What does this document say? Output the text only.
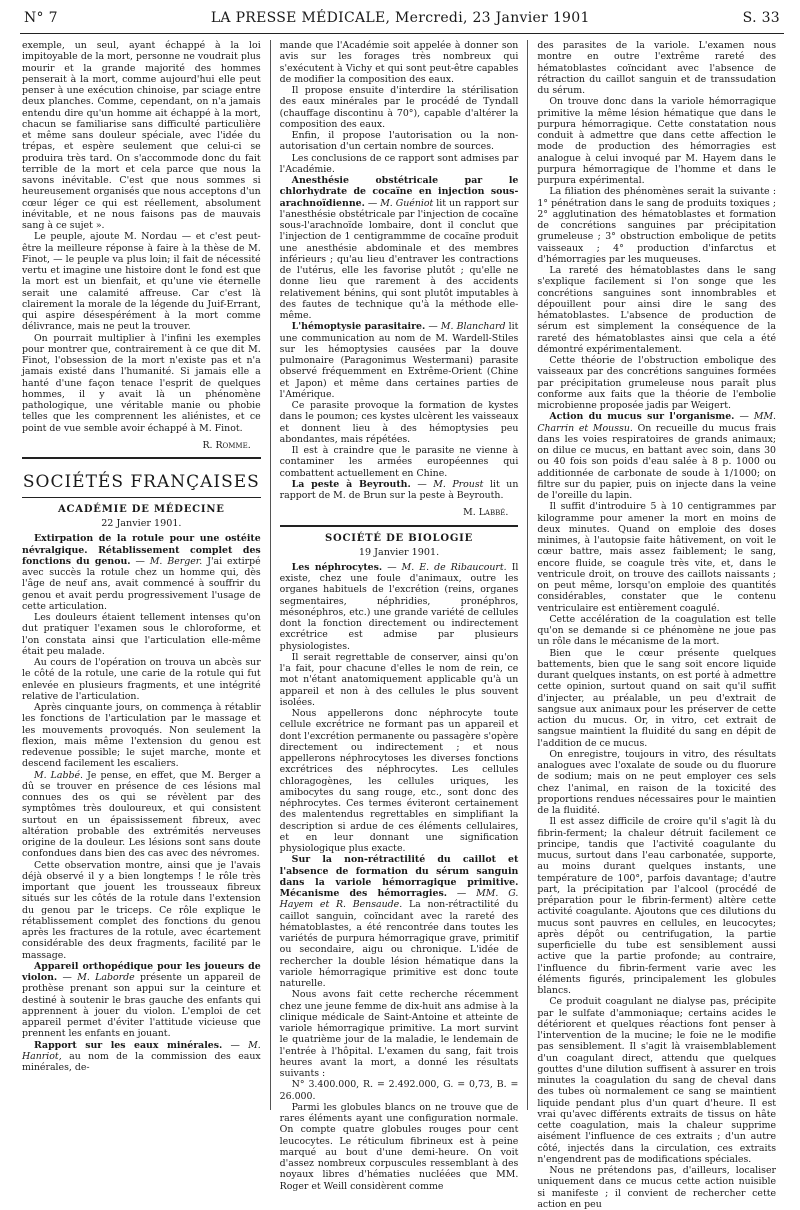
N° 7	LA PRESSE MÉDICALE, Mercredi, 23 Janvier 1901	S. 33

exemple, un seul, ayant échappé à la loi impitoyable de la mort, personne ne voudrait plus mourir et la grande majorité des hommes penserait à la mort, comme aujourd'hui elle peut penser à une exécution chinoise, par sciage entre deux planches. Comme, cependant, on n'a jamais entendu dire qu'un homme ait échappé à la mort, chacun se familiarise sans difficulté particulière et même sans douleur spéciale, avec l'idée du trépas, et espère seulement que celui-ci se produira très tard. On s'accommode donc du fait terrible de la mort et cela parce que nous la savons inévitable. C'est que nous sommes si heureusement organisés que nous acceptons d'un cœur léger ce qui est réellement, absolument inévitable, et ne nous faisons pas de mauvais sang à ce sujet ».

Le peuple, ajoute M. Nordau — et c'est peut-être la meilleure réponse à faire à la thèse de M. Finot, — le peuple va plus loin; il fait de nécessité vertu et imagine une histoire dont le fond est que la mort est un bienfait, et qu'une vie éternelle serait une calamité affreuse. Car c'est là clairement la morale de la légende du Juif-Errant, qui aspire désespérément à la mort comme délivrance, mais ne peut la trouver.

On pourrait multiplier à l'infini les exemples pour montrer que, contrairement à ce que dit M. Finot, l'obsession de la mort n'existe pas et n'a jamais existé dans l'humanité. Si jamais elle a hanté d'une façon tenace l'esprit de quelques hommes, il y avait là un phénomène pathologique, une véritable manie ou phobie telles que les comprennent les aliénistes, et ce point de vue semble avoir échappé à M. Finot.

R. Romme.

SOCIÉTÉS FRANÇAISES
ACADÉMIE DE MÉDECINE
22 Janvier 1901.

Extirpation de la rotule pour une ostéite névralgique. Rétablissement complet des fonctions du genou. — M. Berger. J'ai extirpé avec succès la rotule chez un homme qui, dès l'âge de neuf ans, avait commencé à souffrir du genou et avait perdu progressivement l'usage de cette articulation.

Les douleurs étaient tellement intenses qu'on dut pratiquer l'examen sous le chloroforme, et l'on constata ainsi que l'articulation elle-même était peu malade.

Au cours de l'opération on trouva un abcès sur le côté de la rotule, une carie de la rotule qui fut enlevée en plusieurs fragments, et une intégrité relative de l'articulation.

Après cinquante jours, on commença à rétablir les fonctions de l'articulation par le massage et les mouvements provoqués. Non seulement la flexion, mais même l'extension du genou est redevenue possible; le sujet marche, monte et descend facilement les escaliers.

M. Labbé. Je pense, en effet, que M. Berger a dû se trouver en présence de ces lésions mal connues des os qui se révèlent par des symptômes très douloureux, et qui consistent surtout en un épaississement fibreux, avec altération probable des extrémités nerveuses origine de la douleur. Les lésions sont sans doute confondues dans bien des cas avec des névromes.

Cette observation montre, ainsi que je l'avais déjà observé il y a bien longtemps ! le rôle très important que jouent les trousseaux fibreux situés sur les côtés de la rotule dans l'extension du genou par le triceps. Ce rôle explique le rétablissement complet des fonctions du genou après les fractures de la rotule, avec écartement considérable des deux fragments, facilité par le massage.

Appareil orthopédique pour les joueurs de violon. — M. Laborde présente un appareil de prothèse prenant son appui sur la ceinture et destiné à soutenir le bras gauche des enfants qui apprennent à jouer du violon. L'emploi de cet appareil permet d'éviter l'attitude vicieuse que prennent les enfants en jouant.

Rapport sur les eaux minérales. — M. Hanriot, au nom de la commission des eaux minérales, de-

mande que l'Académie soit appelée à donner son avis sur les forages très nombreux qui s'exécutent à Vichy et qui sont peut-être capables de modifier la composition des eaux.

Il propose ensuite d'interdire la stérilisation des eaux minérales par le procédé de Tyndall (chauffage discontinu à 70°), capable d'altérer la composition des eaux.

Enfin, il propose l'autorisation ou la non-autorisation d'un certain nombre de sources.

Les conclusions de ce rapport sont admises par l'Académie.

Anesthésie obstétricale par le chlorhydrate de cocaïne en injection sous-arachnoïdienne. — M. Guéniot lit un rapport sur l'anesthésie obstétricale par l'injection de cocaïne sous-l'arachnoïde lombaire, dont il conclut que l'injection de 1 centigrammme de cocaïne produit une anesthésie abdominale et des membres inférieurs ; qu'au lieu d'entraver les contractions de l'utérus, elle les favorise plutôt ; qu'elle ne donne lieu que rarement à des accidents relativement bénins, qui sont plutôt imputables à des fautes de technique qu'à la méthode elle-même.

L'hémoptysie parasitaire. — M. Blanchard lit une communication au nom de M. Wardell-Stiles sur les hémoptysies causées par la douve pulmonaire (Paragonimus Westermani) parasite observé fréquemment en Extrême-Orient (Chine et Japon) et même dans certaines parties de l'Amérique.

Ce parasite provoque la formation de kystes dans le poumon; ces kystes ulcèrent les vaisseaux et donnent lieu à des hémoptysies peu abondantes, mais répétées.

Il est à craindre que le parasite ne vienne à contaminer les armées européennes qui combattent actuellement en Chine.

La peste à Beyrouth. — M. Proust lit un rapport de M. de Brun sur la peste à Beyrouth.

M. Labbé.

SOCIÉTÉ DE BIOLOGIE
19 Janvier 1901.

Les néphrocytes. — M. E. de Ribaucourt. Il existe, chez une foule d'animaux, outre les organes habituels de l'excrétion (reins, organes segmentaires, néphridies, pronéphros, mésonéphros, etc.) une grande variété de cellules dont la fonction directement ou indirectement excrétrice est admise par plusieurs physiologistes.

Il serait regrettable de conserver, ainsi qu'on l'a fait, pour chacune d'elles le nom de rein, ce mot n'étant anatomiquement applicable qu'à un appareil et non à des cellules le plus souvent isolées.

Nous appellerons donc néphrocyte toute cellule excrétrice ne formant pas un appareil et dont l'excrétion permanente ou passagère s'opère directement ou indirectement ; et nous appellerons néphrocytoses les diverses fonctions excrétrices des néphrocytes. Les cellules chloragogènes, les cellules uriques, les amibocytes du sang rouge, etc., sont donc des néphrocytes. Ces termes éviteront certainement des malentendus regrettables en simplifiant la description si ardue de ces éléments cellulaires, et en leur donnant une signification physiologique plus exacte.

Sur la non-rétractilité du caillot et l'absence de formation du sérum sanguin dans la variole hémorragique primitive. Mécanisme des hémorragies. — MM. G. Hayem et R. Bensaude. La non-rétractilité du caillot sanguin, coïncidant avec la rareté des hématoblastes, a été rencontrée dans toutes les variétés de purpura hémorragique grave, primitif ou secondaire, aigu ou chronique. L'idée de rechercher la double lésion hématique dans la variole hémorragique primitive est donc toute naturelle.

Nous avons fait cette recherche récemment chez une jeune femme de dix-huit ans admise à la clinique médicale de Saint-Antoine et atteinte de variole hémorragique primitive. La mort survint le quatrième jour de la maladie, le lendemain de l'entrée à l'hôpital. L'examen du sang, fait trois heures avant la mort, a donné les résultats suivants :

N° 3.400.000, R. = 2.492.000, G. = 0,73, B. = 26.000.

Parmi les globules blancs on ne trouve que de rares éléments ayant une configuration normale. On compte quatre globules rouges pour cent leucocytes. Le réticulum fibrineux est à peine marqué au bout d'une demi-heure. On voit d'assez nombreux corpuscules ressemblant à des noyaux libres d'hématies nucléées que MM. Roger et Weill considèrent comme

des parasites de la variole. L'examen nous montre en outre l'extrême rareté des hématoblastes coïncidant avec l'absence de rétraction du caillot sanguin et de transsudation du sérum.

On trouve donc dans la variole hémorragique primitive la même lésion hématique que dans le purpura hémorragique. Cette constatation nous conduit à admettre que dans cette affection le mode de production des hémorragies est analogue à celui invoqué par M. Hayem dans le purpura hémorragique de l'homme et dans le purpura expérimental.

La filiation des phénomènes serait la suivante : 1° pénétration dans le sang de produits toxiques ; 2° agglutination des hématoblastes et formation de concrétions sanguines par précipitation grumeleuse ; 3° obstruction embolique de petits vaisseaux ; 4° production d'infarctus et d'hémorragies par les muqueuses.

La rareté des hématoblastes dans le sang s'explique facilement si l'on songe que les concrétions sanguines sont innombrables et dépouillent pour ainsi dire le sang des hématoblastes. L'absence de production de sérum est simplement la conséquence de la rareté des hématoblastes ainsi que cela a été démontré expérimentalement.

Cette théorie de l'obstruction embolique des vaisseaux par des concrétions sanguines formées par précipitation grumeleuse nous paraît plus conforme aux faits que la théorie de l'embolie microbienne proposée jadis par Weigert.

Action du mucus sur l'organisme. — MM. Charrin et Moussu. On recueille du mucus frais dans les voies respiratoires de grands animaux; on dilue ce mucus, en battant avec soin, dans 30 ou 40 fois son poids d'eau salée à 8 p. 1000 ou additionnée de carbonate de soude à 1/1000; on filtre sur du papier, puis on injecte dans la veine de l'oreille du lapin.

Il suffit d'introduire 5 à 10 centigrammes par kilogramme pour amener la mort en moins de deux minutes. Quand on emploie des doses minimes, à l'autopsie faite hâtivement, on voit le cœur battre, mais assez faiblement; le sang, encore fluide, se coagule très vite, et, dans le ventricule droit, on trouve des caillots naissants ; on peut même, lorsqu'on emploie des quantités considérables, constater que le contenu ventriculaire est entièrement coagulé.

Cette accélération de la coagulation est telle qu'on se demande si ce phénomène ne joue pas un rôle dans le mécanisme de la mort.

Bien que le cœur présente quelques battements, bien que le sang soit encore liquide durant quelques instants, on est porté à admettre cette opinion, surtout quand on sait qu'il suffit d'injecter, au préalable, un peu d'extrait de sangsue aux animaux pour les préserver de cette action du mucus. Or, in vitro, cet extrait de sangsue maintient la fluidité du sang en dépit de l'addition de ce mucus.

On enregistre, toujours in vitro, des résultats analogues avec l'oxalate de soude ou du fluorure de sodium; mais on ne peut employer ces sels chez l'animal, en raison de la toxicité des proportions rendues nécessaires pour le maintien de la fluidité.

Il est assez difficile de croire qu'il s'agit là du fibrin-ferment; la chaleur détruit facilement ce principe, tandis que l'activité coagulante du mucus, surtout dans l'eau carbonatée, supporte, au moins durant quelques instants, une température de 100°, parfois davantage; d'autre part, la précipitation par l'alcool (procédé de préparation pour le fibrin-ferment) altère cette activité coagulante. Ajoutons que ces dilutions du mucus sont pauvres en cellules, en leucocytes; après dépôt ou centrifugation, la partie superficielle du tube est sensiblement aussi active que la partie profonde; au contraire, l'influence du fibrin-ferment varie avec les éléments figurés, principalement les globules blancs.

Ce produit coagulant ne dialyse pas, précipite par le sulfate d'ammoniaque; certains acides le détériorent et quelques réactions font penser à l'intervention de la mucine; le foie ne le modifie pas sensiblement. Il s'agit là vraisemblablement d'un coagulant direct, attendu que quelques gouttes d'une dilution suffisent à assurer en trois minutes la coagulation du sang de cheval dans des tubes où normalement ce sang se maintient liquide pendant plus d'un quart d'heure. Il est vrai qu'avec différents extraits de tissus on hâte cette coagulation, mais la chaleur supprime aisément l'influence de ces extraits ; d'un autre côté, injectés dans la circulation, ces extraits n'engendrent pas de modifications spéciales.

Nous ne prétendons pas, d'ailleurs, localiser uniquement dans ce mucus cette action nuisible si manifeste ; il convient de rechercher cette action en peu
